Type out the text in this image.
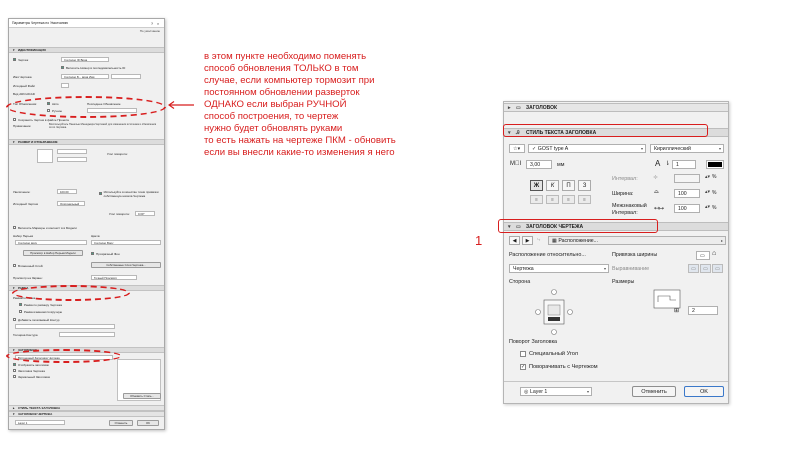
Параметры Чертежа по Умолчанию	? ×
По умолчанию
▾	ИДЕНТИФИКАЦИЯ
Чертеж	Согласно ID Вида
Включить Номер в последовательность ID
Имя Чертежа	Согласно Б... вида Имя
Исходный Файл
Вид ARCHICAD
Тип Обновления:	Авто	Последнее Обновление
Ручное
Сохранить Чертеж в файле Проекта
Примечание:	Воспользуйтесь Панелью Менеджера Чертежей для изменения источника и обновления этого Чертежа.
▾	РАЗМЕР И ОТОБРАЖЕНИЕ
Угол поворота:
Увеличение:	100,00	Используйте в качестве точки привязки собственную начала Чертежа
Исходный Чертеж	Оригинальный
Угол поворота:	0,00°
Включить Маркеры и контекст в в Модели
Набор Перьев	Цвета:
Согласно виду	Согласно Виду
Просмотр в Набор Перьев Модели	Прозрачный Фон
Вложенный Слой:	Собственные Слои Чертежа...
Просмотр на Экране:	Точный Просмотр
▾	РАМКА
Рамка/по Рамка
Рамка по размеру Чертежа
Рамка изменяется вручную
Добавить печатаемый Контур
Толщина Контура
▾	ЗАГОЛОВОК
Встроенный Заголовок Чертежа
Отобразить заголовок
Заголовок Чертежа
Зеркальный Заголовок
Обновить Стиль...
▸	СТИЛЬ ТЕКСТА ЗАГОЛОВКА
▾	ЗАГОЛОВОК ЧЕРТЕЖА
Layer 1	Отменить	OK
в этом пункте необходимо поменять
способ обновления ТОЛЬКО в том
случае, если компьютер тормозит при
постоянном обновлении разверток
ОДНАКО если выбран РУЧНОЙ
способ построения, то чертеж
нужно будет обновлять руками
то есть нажать на чертеже ПКМ - обновить
если вы внесли какие-то изменения я него
1
▸	▭	ЗАГОЛОВОК
▾	Ꭿ	СТИЛЬ ТЕКСТА ЗАГОЛОВКА
☆▾ ✓ GOST type A	▾	Кириллический	▾
M⃒I	3,00	мм	A ⇂	1
Ж	К	П	З
≡	≡	≡	≡
Интервал:	≑	▴▾ %
Ширина:	⌓	100	▴▾ %
Межзнаковый Интервал:
↤↦	100	▴▾ %
▾	▭	ЗАГОЛОВОК ЧЕРТЕЖА
◀	▶	⤷ ▦ Расположение...	▸
Расположение относительно...	Привязка ширины	▭	⌂
Чертежа	▾	Выравнивание	▭	▭	▭
Сторона	Размеры
⊞	2
Поворот Заголовка
Специальный Угол
✓ Поворачивать с Чертежом
◎ Layer 1	▾	Отменить	OK
